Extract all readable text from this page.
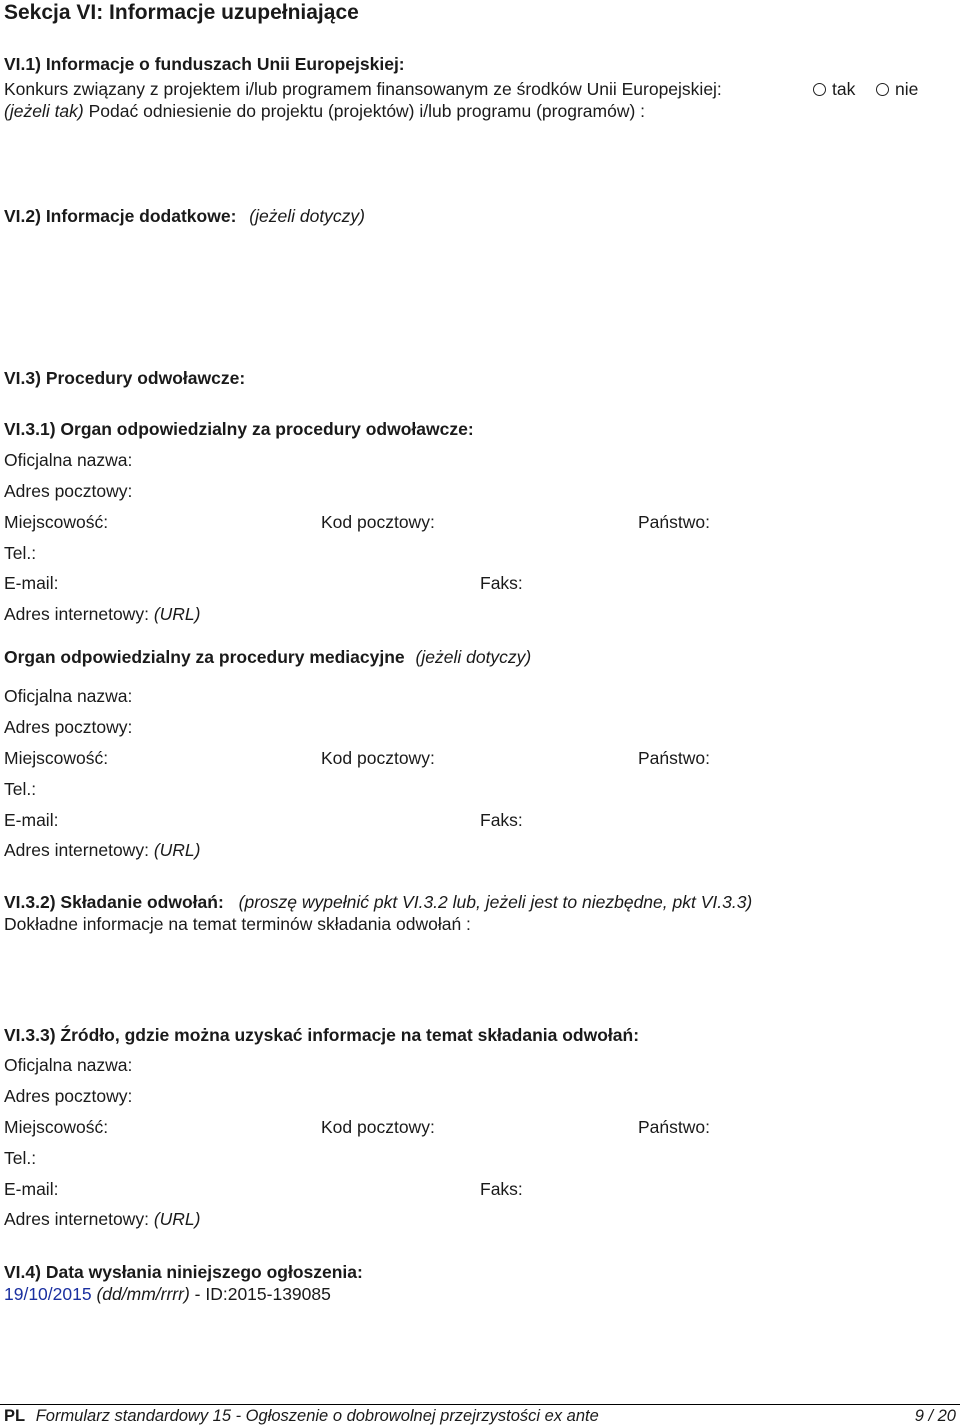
Sekcja VI: Informacje uzupełniające
VI.1) Informacje o funduszach Unii Europejskiej:
Konkurs związany z projektem i/lub programem finansowanym ze środków Unii Europejskiej:	tak	nie
(jeżeli tak) Podać odniesienie do projektu (projektów) i/lub programu (programów) :
VI.2) Informacje dodatkowe: (jeżeli dotyczy)
VI.3) Procedury odwoławcze:
VI.3.1) Organ odpowiedzialny za procedury odwoławcze:
Oficjalna nazwa:
Adres pocztowy:
Miejscowość:	Kod pocztowy:	Państwo:
Tel.:
E-mail:	Faks:
Adres internetowy: (URL)
Organ odpowiedzialny za procedury mediacyjne (jeżeli dotyczy)
Oficjalna nazwa:
Adres pocztowy:
Miejscowość:	Kod pocztowy:	Państwo:
Tel.:
E-mail:	Faks:
Adres internetowy: (URL)
VI.3.2) Składanie odwołań: (proszę wypełnić pkt VI.3.2 lub, jeżeli jest to niezbędne, pkt VI.3.3)
Dokładne informacje na temat terminów składania odwołań :
VI.3.3) Źródło, gdzie można uzyskać informacje na temat składania odwołań:
Oficjalna nazwa:
Adres pocztowy:
Miejscowość:	Kod pocztowy:	Państwo:
Tel.:
E-mail:	Faks:
Adres internetowy: (URL)
VI.4) Data wysłania niniejszego ogłoszenia:
19/10/2015 (dd/mm/rrrr) - ID:2015-139085
PL Formularz standardowy 15 - Ogłoszenie o dobrowolnej przejrzystości ex ante	9 / 20
